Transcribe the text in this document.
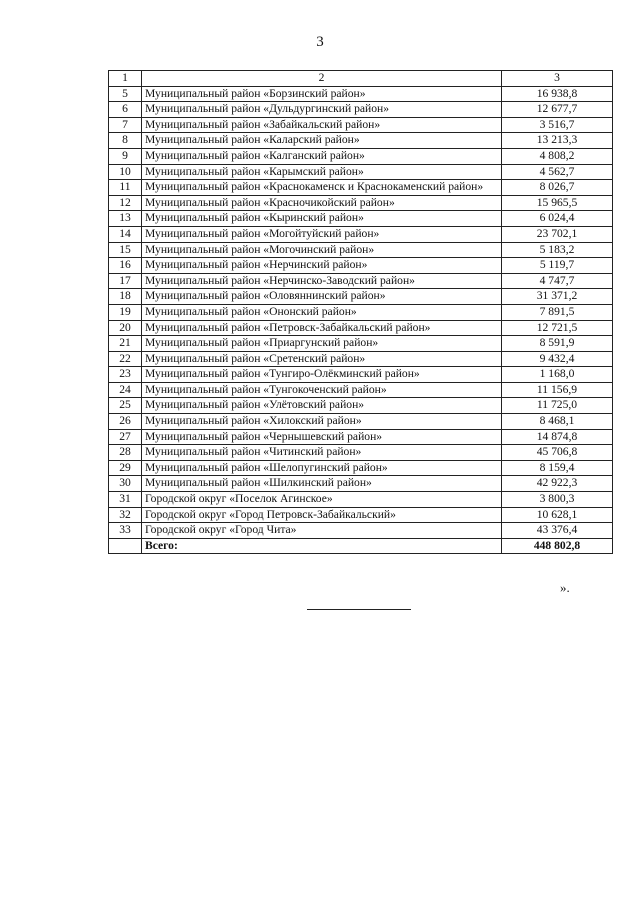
3
1	2	3
5	Муниципальный район «Борзинский район»	16 938,8
6	Муниципальный район «Дульдургинский район»	12 677,7
7	Муниципальный район «Забайкальский район»	3 516,7
8	Муниципальный район «Каларский район»	13 213,3
9	Муниципальный район «Калганский район»	4 808,2
10	Муниципальный район «Карымский район»	4 562,7
11	Муниципальный район «Краснокаменск и Краснокаменский район»	8 026,7
12	Муниципальный район «Красночикойский район»	15 965,5
13	Муниципальный район «Кыринский район»	6 024,4
14	Муниципальный район «Могойтуйский район»	23 702,1
15	Муниципальный район «Могочинский район»	5 183,2
16	Муниципальный район «Нерчинский район»	5 119,7
17	Муниципальный район «Нерчинско-Заводский район»	4 747,7
18	Муниципальный район «Оловяннинский район»	31 371,2
19	Муниципальный район «Ононский район»	7 891,5
20	Муниципальный район «Петровск-Забайкальский район»	12 721,5
21	Муниципальный район «Приаргунский район»	8 591,9
22	Муниципальный район «Сретенский район»	9 432,4
23	Муниципальный район «Тунгиро-Олёкминский район»	1 168,0
24	Муниципальный район «Тунгокоченский район»	11 156,9
25	Муниципальный район «Улётовский район»	11 725,0
26	Муниципальный район «Хилокский район»	8 468,1
27	Муниципальный район «Чернышевский район»	14 874,8
28	Муниципальный район «Читинский район»	45 706,8
29	Муниципальный район «Шелопугинский район»	8 159,4
30	Муниципальный район «Шилкинский район»	42 922,3
31	Городской округ «Поселок Агинское»	3 800,3
32	Городской округ «Город Петровск-Забайкальский»	10 628,1
33	Городской округ «Город Чита»	43 376,4
	Всего:	448 802,8
».
